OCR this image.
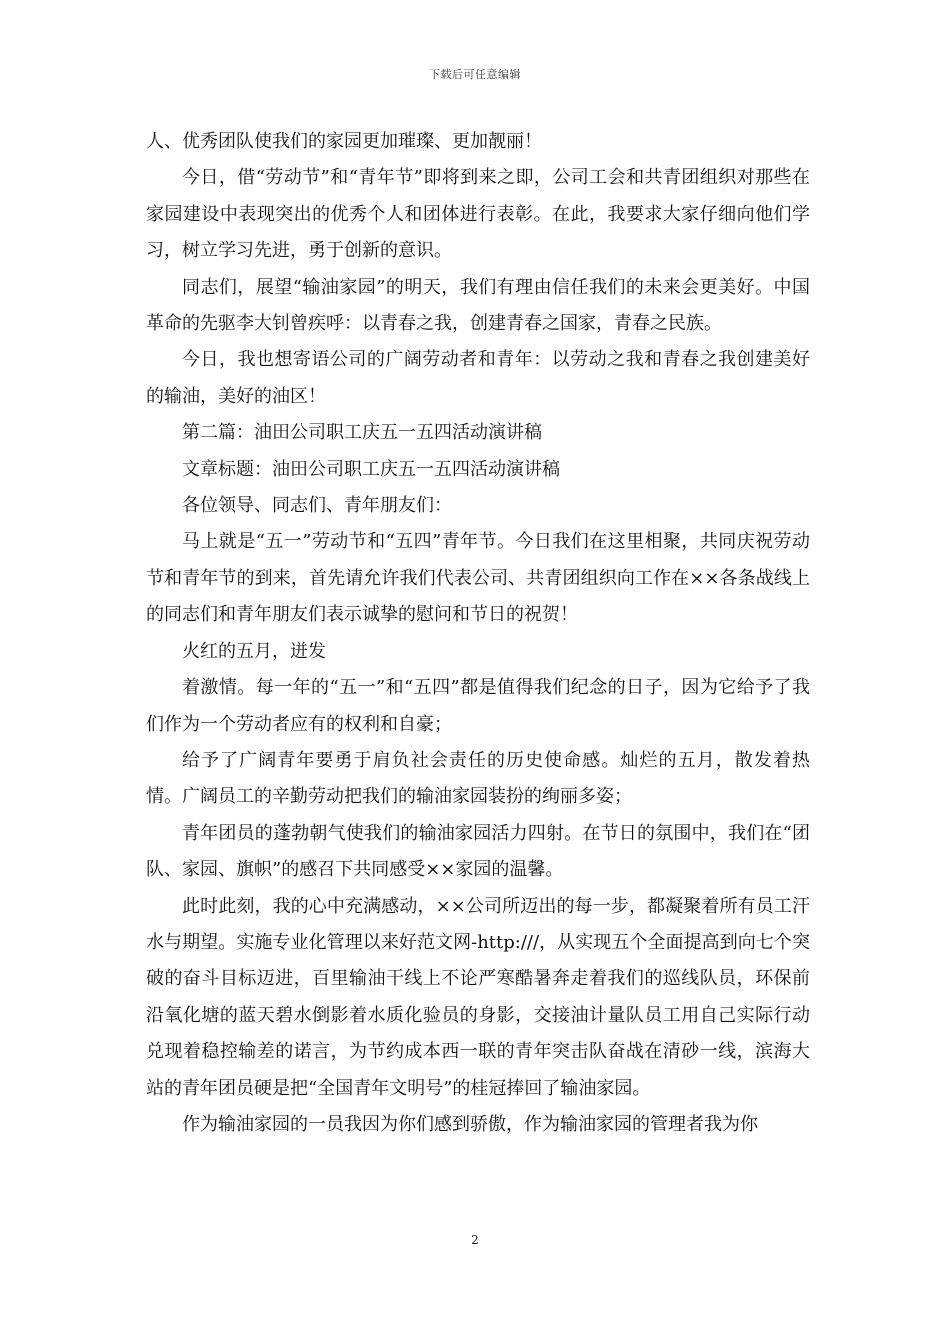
下载后可任意编辑

人、优秀团队使我们的家园更加璀璨、更加靓丽！

今日，借“劳动节”和“青年节”即将到来之即，公司工会和共青团组织对那些在家园建设中表现突出的优秀个人和团体进行表彰。在此，我要求大家仔细向他们学习，树立学习先进，勇于创新的意识。

同志们，展望“输油家园”的明天，我们有理由信任我们的未来会更美好。中国革命的先驱李大钊曾疾呼：以青春之我，创建青春之国家，青春之民族。

今日，我也想寄语公司的广阔劳动者和青年：以劳动之我和青春之我创建美好的输油，美好的油区！

第二篇：油田公司职工庆五一五四活动演讲稿

文章标题：油田公司职工庆五一五四活动演讲稿

各位领导、同志们、青年朋友们：

马上就是“五一”劳动节和“五四”青年节。今日我们在这里相聚，共同庆祝劳动节和青年节的到来，首先请允许我们代表公司、共青团组织向工作在××各条战线上的同志们和青年朋友们表示诚挚的慰问和节日的祝贺！

火红的五月，迸发

着激情。每一年的“五一”和“五四”都是值得我们纪念的日子，因为它给予了我们作为一个劳动者应有的权利和自豪；

给予了广阔青年要勇于肩负社会责任的历史使命感。灿烂的五月，散发着热情。广阔员工的辛勤劳动把我们的输油家园装扮的绚丽多姿；

青年团员的蓬勃朝气使我们的输油家园活力四射。在节日的氛围中，我们在“团队、家园、旗帜”的感召下共同感受××家园的温馨。

此时此刻，我的心中充满感动，××公司所迈出的每一步，都凝聚着所有员工汗水与期望。实施专业化管理以来好范文网-http:///，从实现五个全面提高到向七个突破的奋斗目标迈进，百里输油干线上不论严寒酷暑奔走着我们的巡线队员，环保前沿氧化塘的蓝天碧水倒影着水质化验员的身影，交接油计量队员工用自己实际行动兑现着稳控输差的诺言，为节约成本西一联的青年突击队奋战在清砂一线，滨海大站的青年团员硬是把“全国青年文明号”的桂冠捧回了输油家园。

作为输油家园的一员我因为你们感到骄傲，作为输油家园的管理者我为你

2
